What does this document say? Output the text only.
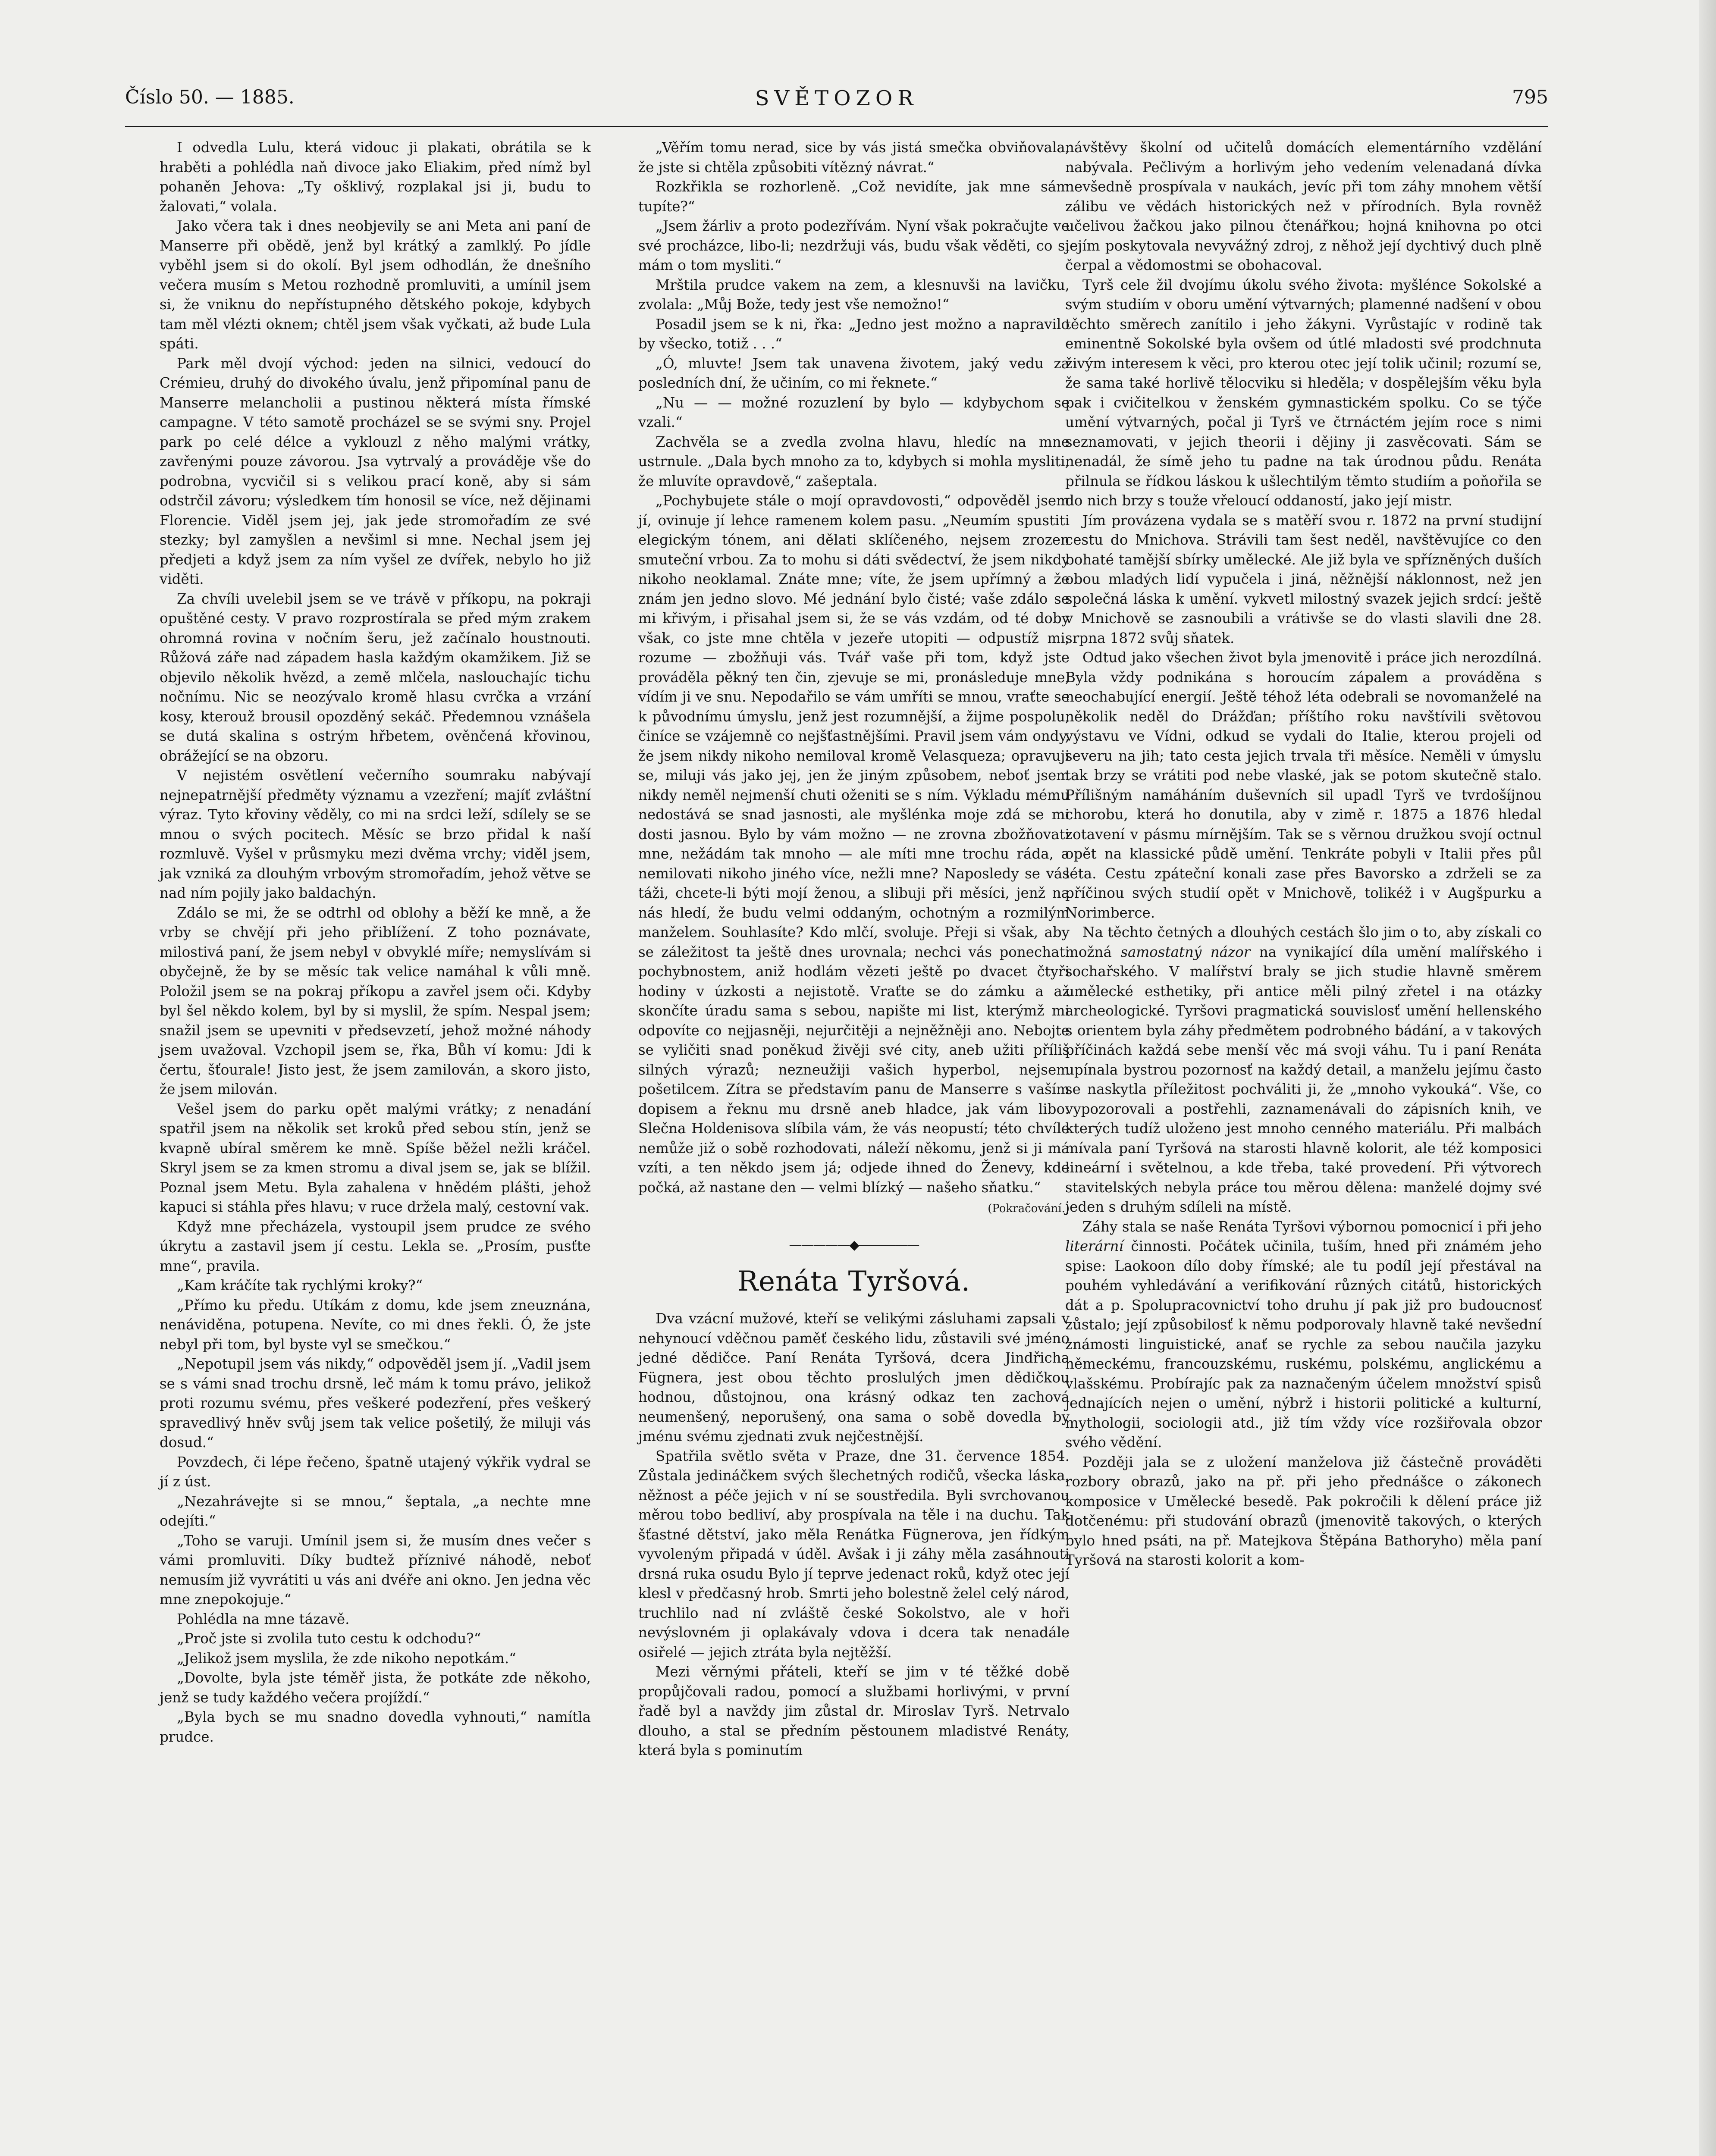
Číslo 50. — 1885.	SVĚTOZOR	795

I odvedla Lulu, která vidouc ji plakati, obrátila se k hraběti a pohlédla naň divoce jako Eliakim, před nímž byl pohaněn Jehova: „Ty ošklivý, rozplakal jsi ji, budu to žalovati,“ volala.

Jako včera tak i dnes neobjevily se ani Meta ani paní de Manserre při obědě, jenž byl krátký a zamlklý. Po jídle vyběhl jsem si do okolí. Byl jsem odhodlán, že dnešního večera musím s Metou rozhodně promluviti, a umínil jsem si, že vniknu do nepřístupného dětského pokoje, kdybych tam měl vlézti oknem; chtěl jsem však vyčkati, až bude Lula spáti.

Park měl dvojí východ: jeden na silnici, vedoucí do Crémieu, druhý do divokého úvalu, jenž připomínal panu de Manserre melancholii a pustinou některá místa římské campagne. V této samotě procházel se se svými sny. Projel park po celé délce a vyklouzl z něho malými vrátky, zavřenými pouze závorou. Jsa vytrvalý a prováděje vše do podrobna, vycvičil si s velikou prací koně, aby si sám odstrčil závoru; výsledkem tím honosil se více, než dějinami Florencie. Viděl jsem jej, jak jede stromořadím ze své stezky; byl zamyšlen a nevšiml si mne. Nechal jsem jej předjeti a když jsem za ním vyšel ze dvířek, nebylo ho již viděti.

Za chvíli uvelebil jsem se ve trávě v příkopu, na pokraji opuštěné cesty. V pravo rozprostírala se před mým zrakem ohromná rovina v nočním šeru, jež začínalo houstnouti. Růžová záře nad západem hasla každým okamžikem. Již se objevilo několik hvězd, a země mlčela, naslouchajíc tichu nočnímu. Nic se neozývalo kromě hlasu cvrčka a vrzání kosy, kterouž brousil opozděný sekáč. Předemnou vznášela se dutá skalina s ostrým hřbetem, ověnčená křovinou, obrážející se na obzoru.

V nejistém osvětlení večerního soumraku nabývají nejnepatrnější předměty významu a vzezření; majíť zvláštní výraz. Tyto křoviny věděly, co mi na srdci leží, sdílely se se mnou o svých pocitech. Měsíc se brzo přidal k naší rozmluvě. Vyšel v průsmyku mezi dvěma vrchy; viděl jsem, jak vzniká za dlouhým vrbovým stromořadím, jehož větve se nad ním pojily jako baldachýn.

Zdálo se mi, že se odtrhl od oblohy a běží ke mně, a že vrby se chvějí při jeho přiblížení. Z toho poznávate, milostivá paní, že jsem nebyl v obvyklé míře; nemyslívám si obyčejně, že by se měsíc tak velice namáhal k vůli mně. Položil jsem se na pokraj příkopu a zavřel jsem oči. Kdyby byl šel někdo kolem, byl by si myslil, že spím. Nespal jsem; snažil jsem se upevniti v předsevzetí, jehož možné náhody jsem uvažoval. Vzchopil jsem se, řka, Bůh ví komu: Jdi k čertu, šťourale! Jisto jest, že jsem zamilován, a skoro jisto, že jsem milován.

Vešel jsem do parku opět malými vrátky; z nenadání spatřil jsem na několik set kroků před sebou stín, jenž se kvapně ubíral směrem ke mně. Spíše běžel nežli kráčel. Skryl jsem se za kmen stromu a dival jsem se, jak se blížil. Poznal jsem Metu. Byla zahalena v hnědém plášti, jehož kapuci si stáhla přes hlavu; v ruce držela malý, cestovní vak.

Když mne přecházela, vystoupil jsem prudce ze svého úkrytu a zastavil jsem jí cestu. Lekla se. „Prosím, pusťte mne“, pravila.

„Kam kráčíte tak rychlými kroky?“

„Přímo ku předu. Utíkám z domu, kde jsem zneuznána, nenáviděna, potupena. Nevíte, co mi dnes řekli. Ó, že jste nebyl při tom, byl byste vyl se smečkou.“

„Nepotupil jsem vás nikdy,“ odpověděl jsem jí. „Vadil jsem se s vámi snad trochu drsně, leč mám k tomu právo, jelikož proti rozumu svému, přes veškeré podezření, přes veškerý spravedlivý hněv svůj jsem tak velice pošetilý, že miluji vás dosud.“

Povzdech, či lépe řečeno, špatně utajený výkřik vydral se jí z úst.

„Nezahrávejte si se mnou,“ šeptala, „a nechte mne odejíti.“

„Toho se varuji. Umínil jsem si, že musím dnes večer s vámi promluviti. Díky budtež příznivé náhodě, neboť nemusím již vyvrátiti u vás ani dvéře ani okno. Jen jedna věc mne znepokojuje.“

Pohlédla na mne tázavě.

„Proč jste si zvolila tuto cestu k odchodu?“

„Jelikož jsem myslila, že zde nikoho nepotkám.“

„Dovolte, byla jste téměř jista, že potkáte zde někoho, jenž se tudy každého večera projíždí.“

„Byla bych se mu snadno dovedla vyhnouti,“ namítla prudce.

„Věřím tomu nerad, sice by vás jistá smečka obviňovala, že jste si chtěla způsobiti vítězný návrat.“

Rozkřikla se rozhorleně. „Což nevidíte, jak mne sám tupíte?“

„Jsem žárliv a proto podezřívám. Nyní však pokračujte ve své procházce, libo-li; nezdržuji vás, budu však věděti, co si mám o tom mysliti.“

Mrštila prudce vakem na zem, a klesnuvši na lavičku, zvolala: „Můj Bože, tedy jest vše nemožno!“

Posadil jsem se k ni, řka: „Jedno jest možno a napravilo by všecko, totiž . . .“

„Ó, mluvte! Jsem tak unavena životem, jaký vedu za posledních dní, že učiním, co mi řeknete.“

„Nu — — možné rozuzlení by bylo — kdybychom se vzali.“

Zachvěla se a zvedla zvolna hlavu, hledíc na mne ustrnule. „Dala bych mnoho za to, kdybych si mohla mysliti, že mluvíte opravdově,“ zašeptala.

„Pochybujete stále o mojí opravdovosti,“ odpověděl jsem jí, ovinuje jí lehce ramenem kolem pasu. „Neumím spustiti elegickým tónem, ani dělati sklíčeného, nejsem zrozen smuteční vrbou. Za to mohu si dáti svědectví, že jsem nikdy nikoho neoklamal. Znáte mne; víte, že jsem upřímný a že znám jen jedno slovo. Mé jednání bylo čisté; vaše zdálo se mi křivým, i přisahal jsem si, že se vás vzdám, od té doby však, co jste mne chtěla v jezeře utopiti — odpustíž mi, rozume — zbožňuji vás. Tvář vaše při tom, když jste prováděla pěkný ten čin, zjevuje se mi, pronásleduje mne, vídím ji ve snu. Nepodařilo se vám umříti se mnou, vraťte se k původnímu úmyslu, jenž jest rozumnější, a žijme pospolu, činíce se vzájemně co nejšťastnějšími. Pravil jsem vám ondy, že jsem nikdy nikoho nemiloval kromě Velasqueza; opravuji se, miluji vás jako jej, jen že jiným způsobem, neboť jsem nikdy neměl nejmenší chuti oženiti se s ním. Výkladu mému nedostává se snad jasnosti, ale myšlénka moje zdá se mi dosti jasnou. Bylo by vám možno — ne zrovna zbožňovati mne, nežádám tak mnoho — ale míti mne trochu ráda, a nemilovati nikoho jiného více, nežli mne? Naposledy se vás táži, chcete-li býti mojí ženou, a slibuji při měsíci, jenž na nás hledí, že budu velmi oddaným, ochotným a rozmilým manželem. Souhlasíte? Kdo mlčí, svoluje. Přeji si však, aby se záležitost ta ještě dnes urovnala; nechci vás ponechati pochybnostem, aniž hodlám vězeti ještě po dvacet čtyři hodiny v úzkosti a nejistotě. Vraťte se do zámku a až skončíte úradu sama s sebou, napište mi list, kterýmž mi odpovíte co nejjasněji, nejurčitěji a nejněžněji ano. Nebojte se vyličiti snad poněkud živěji své city, aneb užiti příliš silných výrazů; nezneužiji vašich hyperbol, nejsem pošetilcem. Zítra se představím panu de Manserre s vaším dopisem a řeknu mu drsně aneb hladce, jak vám libo: Slečna Holdenisova slíbila vám, že vás neopustí; této chvíle nemůže již o sobě rozhodovati, náleží někomu, jenž si ji má vzíti, a ten někdo jsem já; odjede ihned do Ženevy, kde počká, až nastane den — velmi blízký — našeho sňatku.“

(Pokračování.)
—————◆—————
Renáta Tyršová.

Dva vzácní mužové, kteří se velikými zásluhami zapsali v nehynoucí vděčnou paměť českého lidu, zůstavili své jméno jedné dědičce. Paní Renáta Tyršová, dcera Jindřicha Fügnera, jest obou těchto proslulých jmen dědičkou hodnou, důstojnou, ona krásný odkaz ten zachová neumenšený, neporušený, ona sama o sobě dovedla by jménu svému zjednati zvuk nejčestnější.

Spatřila světlo světa v Praze, dne 31. července 1854. Zůstala jedináčkem svých šlechetných rodičů, všecka láska, něžnost a péče jejich v ní se soustředila. Byli svrchovanou měrou tobo bedliví, aby prospívala na těle i na duchu. Tak šťastné dětství, jako měla Renátka Fügnerova, jen řídkým vyvoleným připadá v úděl. Avšak i ji záhy měla zasáhnouti drsná ruka osudu Bylo jí teprve jedenact roků, když otec její klesl v předčasný hrob. Smrti jeho bolestně želel celý národ, truchlilo nad ní zvláště české Sokolstvo, ale v hoři nevýslovném ji oplakávaly vdova i dcera tak nenadále osiřelé — jejich ztráta byla nejtěžší.

Mezi věrnými přáteli, kteří se jim v té těžké době propůjčovali radou, pomocí a službami horlivými, v první řadě byl a navždy jim zůstal dr. Miroslav Tyrš. Netrvalo dlouho, a stal se předním pěstounem mladistvé Renáty, která byla s pominutím

návštěvy školní od učitelů domácích elementárního vzdělání nabývala. Pečlivým a horlivým jeho vedením velenadaná dívka nevšedně prospívala v naukách, jevíc při tom záhy mnohem větší zálibu ve vědách historických než v přírodních. Byla rovněž učelivou žačkou jako pilnou čtenářkou; hojná knihovna po otci jejím poskytovala nevyvážný zdroj, z něhož její dychtivý duch plně čerpal a vědomostmi se obohacoval.

Tyrš cele žil dvojímu úkolu svého života: myšlénce Sokolské a svým studiím v oboru umění výtvarných; plamenné nadšení v obou těchto směrech zanítilo i jeho žákyni. Vyrůstajíc v rodině tak eminentně Sokolské byla ovšem od útlé mladosti své prodchnuta živým interesem k věci, pro kterou otec její tolik učinil; rozumí se, že sama také horlivě tělocviku si hleděla; v dospělejším věku byla pak i cvičitelkou v ženském gymnastickém spolku. Co se týče umění výtvarných, počal ji Tyrš ve čtrnáctém jejím roce s nimi seznamovati, v jejich theorii i dějiny ji zasvěcovati. Sám se nenadál, že símě jeho tu padne na tak úrodnou půdu. Renáta přilnula se řídkou láskou k ušlechtilým těmto studiím a poňořila se do nich brzy s touže vřeloucí oddaností, jako její mistr.

Jím provázena vydala se s matěří svou r. 1872 na první studijní cestu do Mnichova. Strávili tam šest neděl, navštěvujíce co den bohaté tamější sbírky umělecké. Ale již byla ve spřízněných duších obou mladých lidí vypučela i jiná, něžnější náklonnost, než jen společná láska k umění. vykvetl milostný svazek jejich srdcí: ještě v Mnichově se zasnoubili a vrátivše se do vlasti slavili dne 28. srpna 1872 svůj sňatek.

Odtud jako všechen život byla jmenovitě i práce jich nerozdílná. Byla vždy podnikána s horoucím zápalem a prováděna s neochabující energií. Ještě téhož léta odebrali se novomanželé na několik neděl do Drážďan; příštího roku navštívili světovou výstavu ve Vídni, odkud se vydali do Italie, kterou projeli od severu na jih; tato cesta jejich trvala tři měsíce. Neměli v úmyslu tak brzy se vrátiti pod nebe vlaské, jak se potom skutečně stalo. Přílišným namáháním duševních sil upadl Tyrš ve tvrdošíjnou chorobu, která ho donutila, aby v zimě r. 1875 a 1876 hledal zotavení v pásmu mírnějším. Tak se s věrnou družkou svojí octnul opět na klassické půdě umění. Tenkráte pobyli v Italii přes půl léta. Cestu zpáteční konali zase přes Bavorsko a zdrželi se za příčinou svých studií opět v Mnichově, tolikéž i v Augšpurku a Norimberce.

Na těchto četných a dlouhých cestách šlo jim o to, aby získali co možná samostatný názor na vynikající díla umění malířského i sochařského. V malířství braly se jich studie hlavně směrem umělecké esthetiky, při antice měli pilný zřetel i na otázky archeologické. Tyršovi pragmatická souvislosť umění hellenského s orientem byla záhy předmětem podrobného bádání, a v takových příčinách každá sebe menší věc má svoji váhu. Tu i paní Renáta upínala bystrou pozornosť na každý detail, a manželu jejímu často se naskytla příležitost pochváliti ji, že „mnoho vykouká“. Vše, co vypozorovali a postřehli, zaznamenávali do zápisních knih, ve kterých tudíž uloženo jest mnoho cenného materiálu. Při malbách mívala paní Tyršová na starosti hlavně kolorit, ale též komposici lineární i světelnou, a kde třeba, také provedení. Při výtvorech stavitelských nebyla práce tou měrou dělena: manželé dojmy své jeden s druhým sdíleli na místě.

Záhy stala se naše Renáta Tyršovi výbornou pomocnicí i při jeho literární činnosti. Počátek učinila, tuším, hned při známém jeho spise: Laokoon dílo doby římské; ale tu podíl její přestával na pouhém vyhledávání a verifikování různých citátů, historických dát a p. Spolupracovnictví toho druhu jí pak již pro budoucnosť zůstalo; její způsobilosť k němu podporovaly hlavně také nevšední známosti linguistické, anať se rychle za sebou naučila jazyku německému, francouzskému, ruskému, polskému, anglickému a vlašskému. Probírajíc pak za naznačeným účelem množství spisů jednajících nejen o umění, nýbrž i historii politické a kulturní, mythologii, sociologii atd., již tím vždy více rozšiřovala obzor svého vědění.

Později jala se z uložení manželova již částečně prováděti rozbory obrazů, jako na př. při jeho přednášce o zákonech komposice v Umělecké besedě. Pak pokročili k dělení práce již dotčenému: při studování obrazů (jmenovitě takových, o kterých bylo hned psáti, na př. Matejkova Štěpána Bathoryho) měla paní Tyršová na starosti kolorit a kom-
